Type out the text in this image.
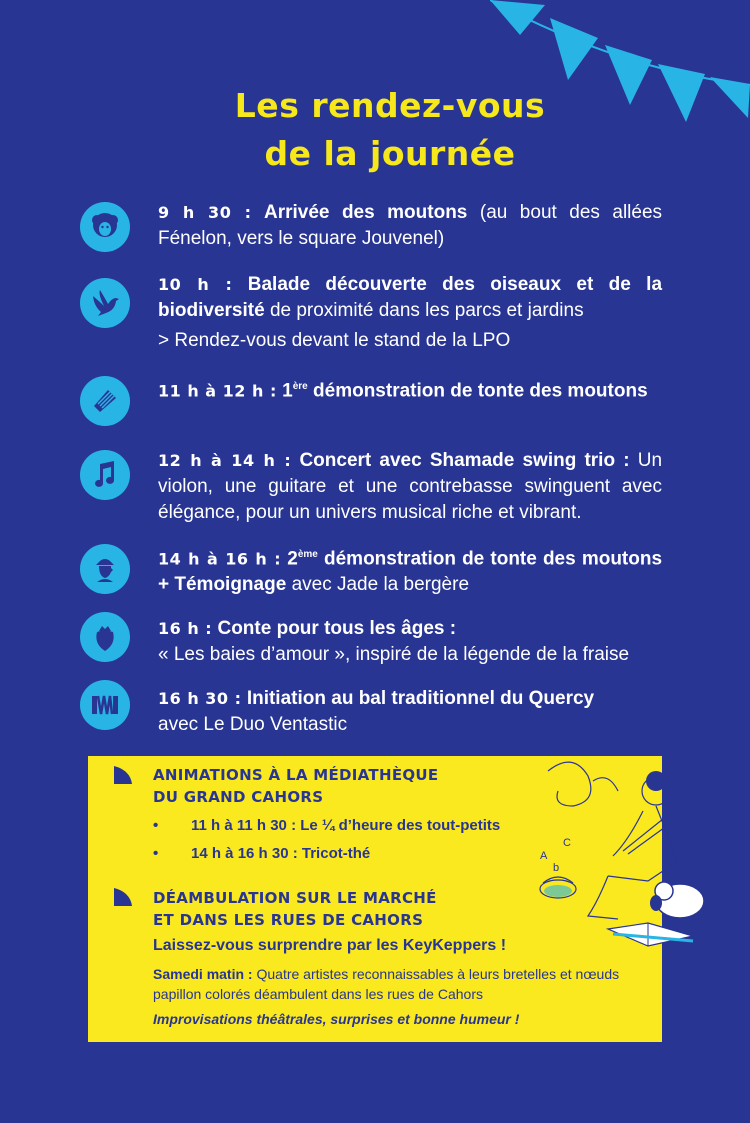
Les rendez-vous
de la journée
9 h 30 : Arrivée des moutons (au bout des allées Fénelon, vers le square Jouvenel)
10 h : Balade découverte des oiseaux et de la biodiversité de proximité dans les parcs et jardins
> Rendez-vous devant le stand de la LPO
11 h à 12 h : 1ère démonstration de tonte des moutons
12 h à 14 h : Concert avec Shamade swing trio : Un violon, une guitare et une contrebasse swinguent avec élégance, pour un univers musical riche et vibrant.
14 h à 16 h : 2ème démonstration de tonte des moutons + Témoignage avec Jade la bergère
16 h : Conte pour tous les âges :
« Les baies d’amour », inspiré de la légende de la fraise
16 h 30 : Initiation au bal traditionnel du Quercy
avec Le Duo Ventastic
ANIMATIONS À LA MÉDIATHÈQUE
DU GRAND CAHORS
• 11 h à 11 h 30 : Le ¼ d’heure des tout-petits
• 14 h à 16 h 30 : Tricot-thé
DÉAMBULATION SUR LE MARCHÉ
ET DANS LES RUES DE CAHORS
Laissez-vous surprendre par les KeyKeppers !
Samedi matin : Quatre artistes reconnaissables à leurs bretelles et nœuds papillon colorés déambulent dans les rues de Cahors
Improvisations théâtrales, surprises et bonne humeur !
C
A
b
